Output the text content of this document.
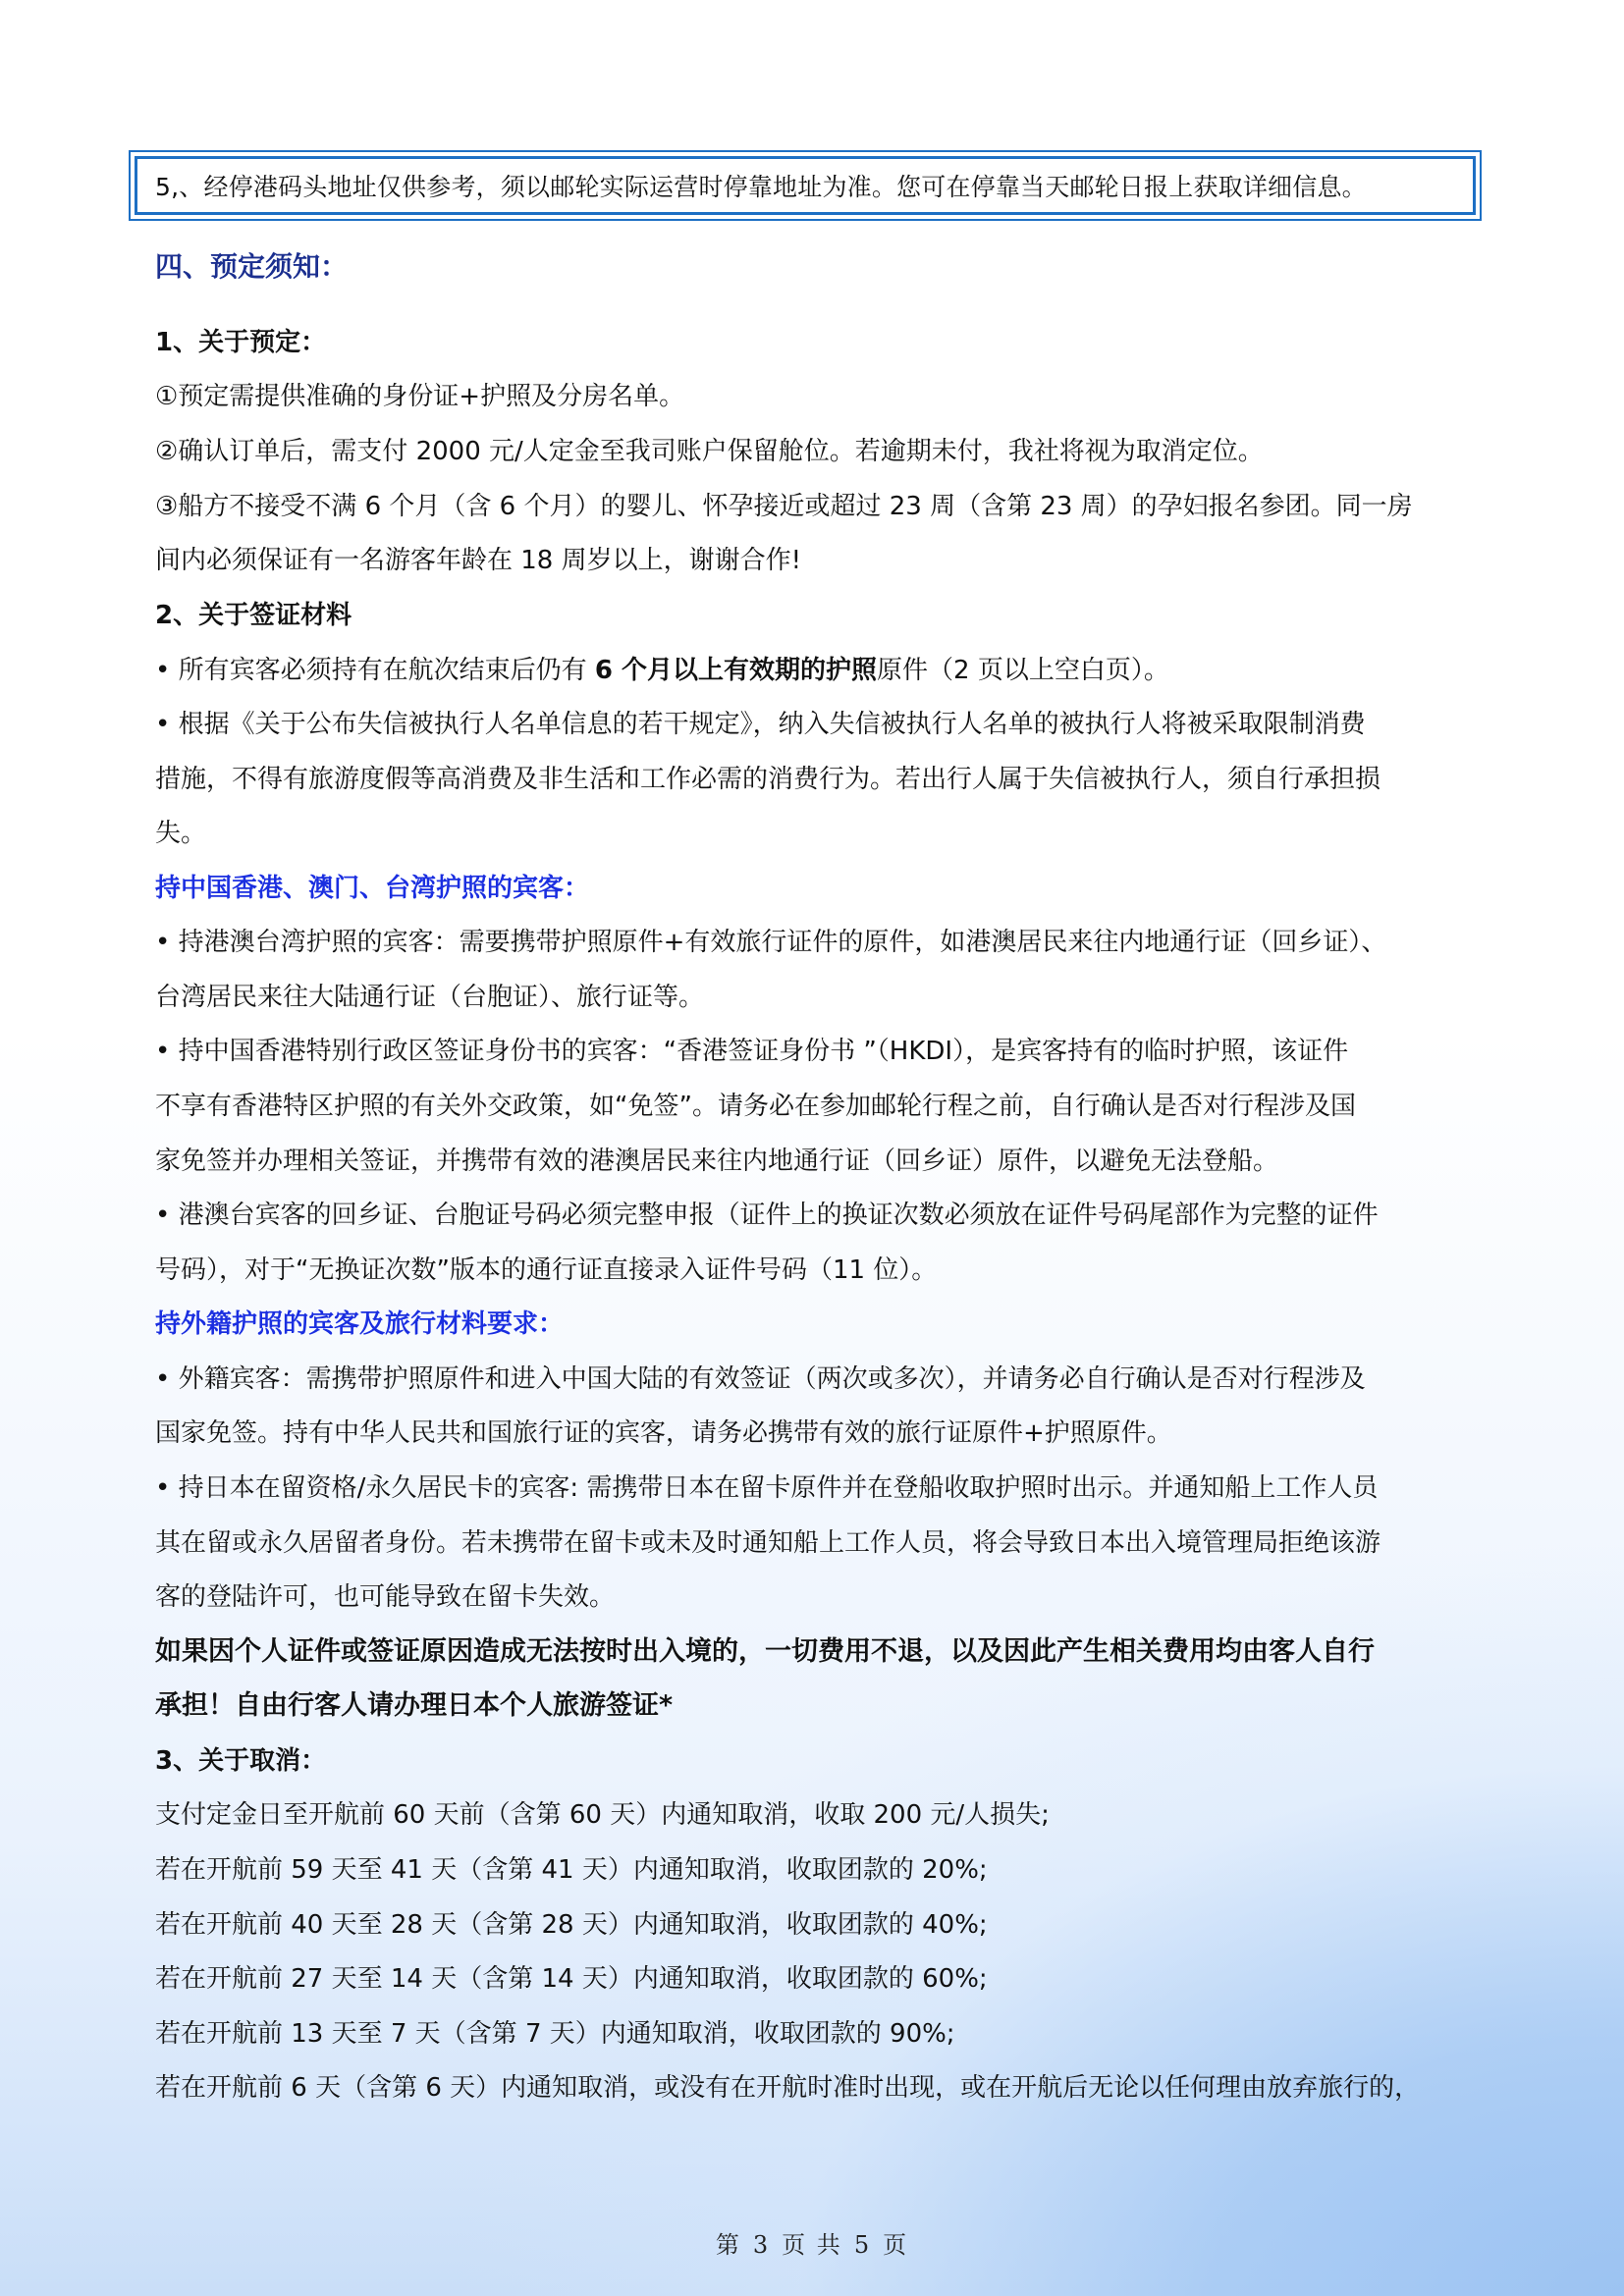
5,、经停港码头地址仅供参考，须以邮轮实际运营时停靠地址为准。您可在停靠当天邮轮日报上获取详细信息。
四、预定须知：
1、关于预定：
①预定需提供准确的身份证+护照及分房名单。
②确认订单后，需支付 2000 元/人定金至我司账户保留舱位。若逾期未付，我社将视为取消定位。
③船方不接受不满 6 个月（含 6 个月）的婴儿、怀孕接近或超过 23 周（含第 23 周）的孕妇报名参团。同一房
间内必须保证有一名游客年龄在 18 周岁以上，谢谢合作!
2、关于签证材料
• 所有宾客必须持有在航次结束后仍有 6 个月以上有效期的护照原件（2 页以上空白页）。
• 根据《关于公布失信被执行人名单信息的若干规定》，纳入失信被执行人名单的被执行人将被采取限制消费
措施，不得有旅游度假等高消费及非生活和工作必需的消费行为。若出行人属于失信被执行人，须自行承担损
失。
持中国香港、澳门、台湾护照的宾客：
• 持港澳台湾护照的宾客：需要携带护照原件+有效旅行证件的原件，如港澳居民来往内地通行证（回乡证）、
台湾居民来往大陆通行证（台胞证）、旅行证等。
• 持中国香港特别行政区签证身份书的宾客：“香港签证身份书 ”（HKDI），是宾客持有的临时护照，该证件
不享有香港特区护照的有关外交政策，如“免签”。请务必在参加邮轮行程之前，自行确认是否对行程涉及国
家免签并办理相关签证，并携带有效的港澳居民来往内地通行证（回乡证）原件，以避免无法登船。
• 港澳台宾客的回乡证、台胞证号码必须完整申报（证件上的换证次数必须放在证件号码尾部作为完整的证件
号码），对于“无换证次数”版本的通行证直接录入证件号码（11 位）。
持外籍护照的宾客及旅行材料要求：
• 外籍宾客：需携带护照原件和进入中国大陆的有效签证（两次或多次），并请务必自行确认是否对行程涉及
国家免签。持有中华人民共和国旅行证的宾客，请务必携带有效的旅行证原件+护照原件。
• 持日本在留资格/永久居民卡的宾客: 需携带日本在留卡原件并在登船收取护照时出示。并通知船上工作人员
其在留或永久居留者身份。若未携带在留卡或未及时通知船上工作人员，将会导致日本出入境管理局拒绝该游
客的登陆许可，也可能导致在留卡失效。
如果因个人证件或签证原因造成无法按时出入境的，一切费用不退，以及因此产生相关费用均由客人自行
承担！自由行客人请办理日本个人旅游签证*
3、关于取消：
支付定金日至开航前 60 天前（含第 60 天）内通知取消，收取 200 元/人损失;
若在开航前 59 天至 41 天（含第 41 天）内通知取消，收取团款的 20%;
若在开航前 40 天至 28 天（含第 28 天）内通知取消，收取团款的 40%;
若在开航前 27 天至 14 天（含第 14 天）内通知取消，收取团款的 60%;
若在开航前 13 天至 7 天（含第 7 天）内通知取消，收取团款的 90%;
若在开航前 6 天（含第 6 天）内通知取消，或没有在开航时准时出现，或在开航后无论以任何理由放弃旅行的，
第 3 页 共 5 页
